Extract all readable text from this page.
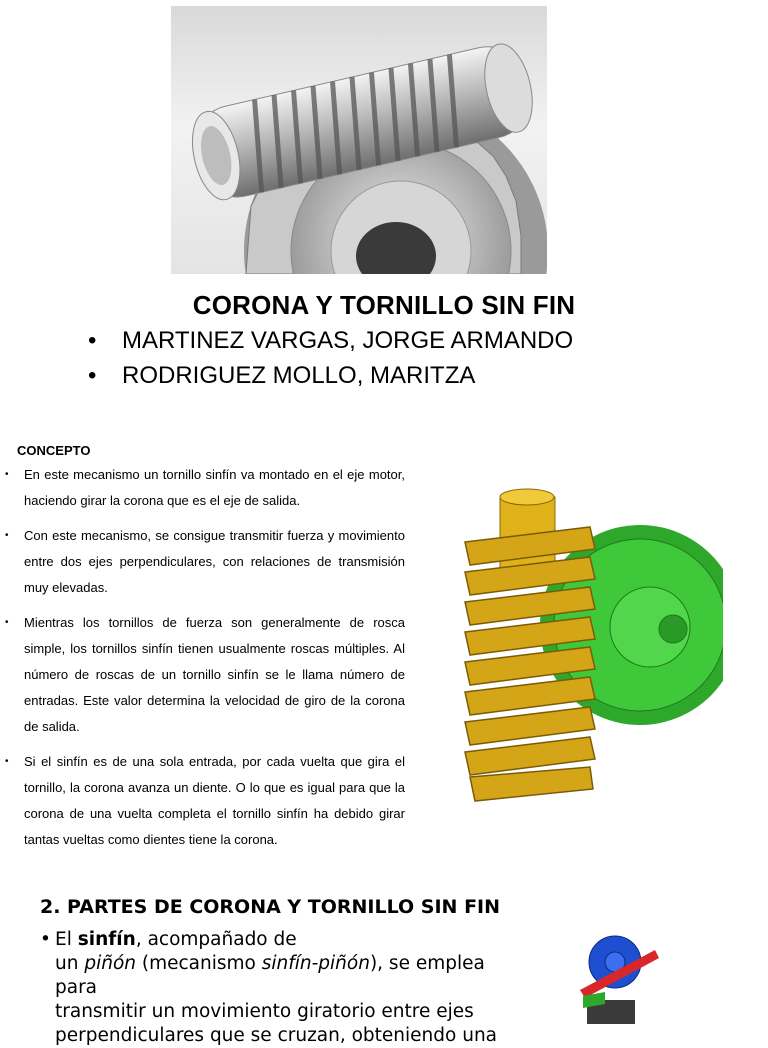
CORONA Y TORNILLO SIN FIN
• MARTINEZ VARGAS, JORGE ARMANDO
• RODRIGUEZ MOLLO, MARITZA
CONCEPTO
• En este mecanismo un tornillo sinfín va montado en el eje motor, haciendo girar la corona que es el eje de salida.
• Con este mecanismo, se consigue transmitir fuerza y movimiento entre dos ejes perpendiculares, con relaciones de transmisión muy elevadas.
• Mientras los tornillos de fuerza son generalmente de rosca simple, los tornillos sinfín tienen usualmente roscas múltiples. Al número de roscas de un tornillo sinfín se le llama número de entradas. Este valor determina la velocidad de giro de la corona de salida.
• Si el sinfín es de una sola entrada, por cada vuelta que gira el tornillo, la corona avanza un diente. O lo que es igual para que la corona de una vuelta completa el tornillo sinfín ha debido girar tantas vueltas como dientes tiene la corona.
2. PARTES DE CORONA Y TORNILLO SIN FIN
• El sinfín, acompañado de
un piñón (mecanismo sinfín-piñón), se emplea para
transmitir un movimiento giratorio entre ejes
perpendiculares que se cruzan, obteniendo una
